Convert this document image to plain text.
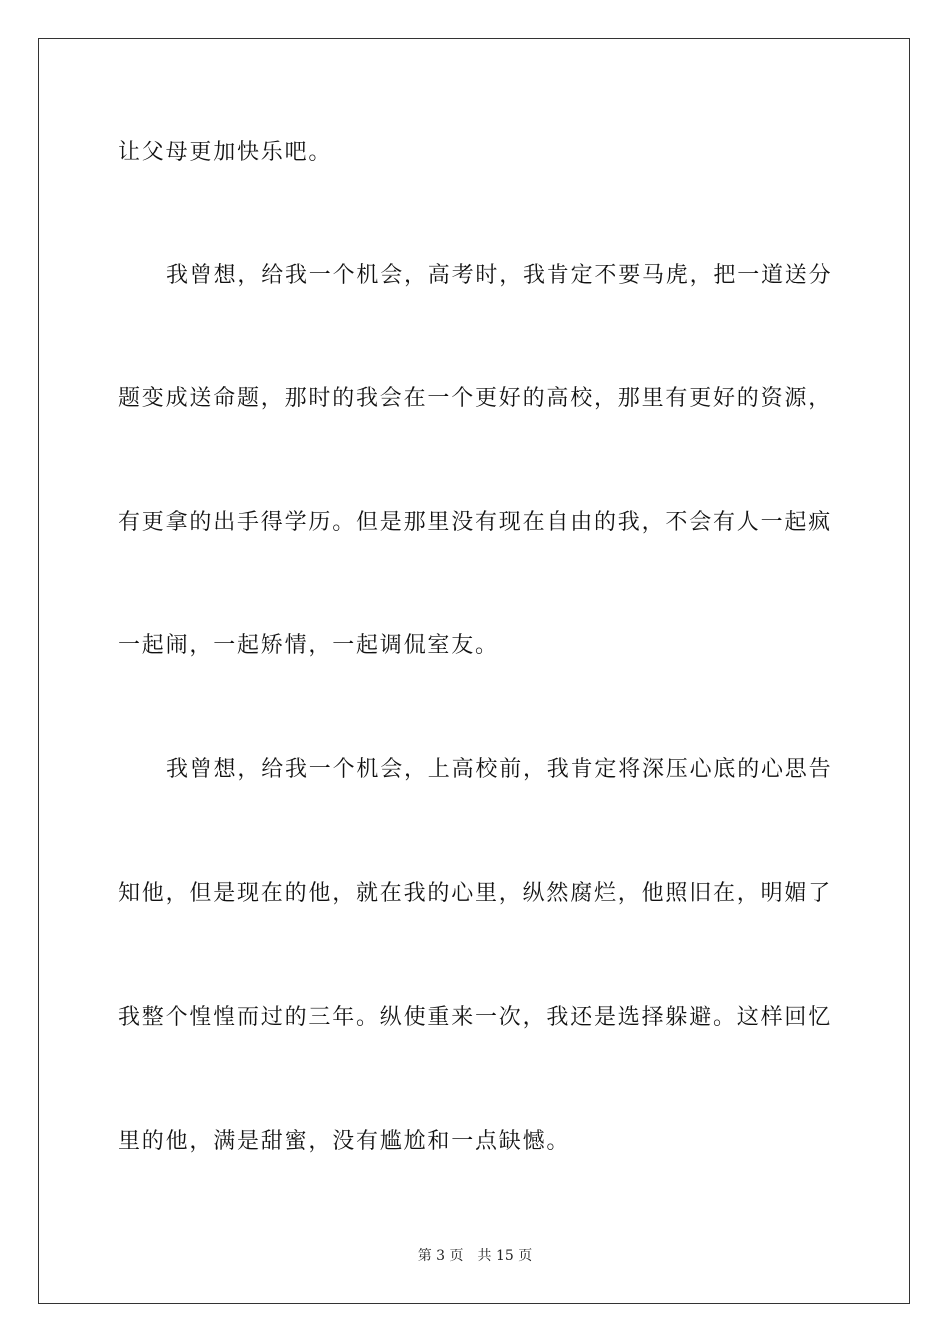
让父母更加快乐吧。
我曾想，给我一个机会，高考时，我肯定不要马虎，把一道送分
题变成送命题，那时的我会在一个更好的高校，那里有更好的资源，
有更拿的出手得学历。但是那里没有现在自由的我，不会有人一起疯
一起闹，一起矫情，一起调侃室友。
我曾想，给我一个机会，上高校前，我肯定将深压心底的心思告
知他，但是现在的他，就在我的心里，纵然腐烂，他照旧在，明媚了
我整个惶惶而过的三年。纵使重来一次，我还是选择躲避。这样回忆
里的他，满是甜蜜，没有尴尬和一点缺憾。
第 3 页 共 15 页
